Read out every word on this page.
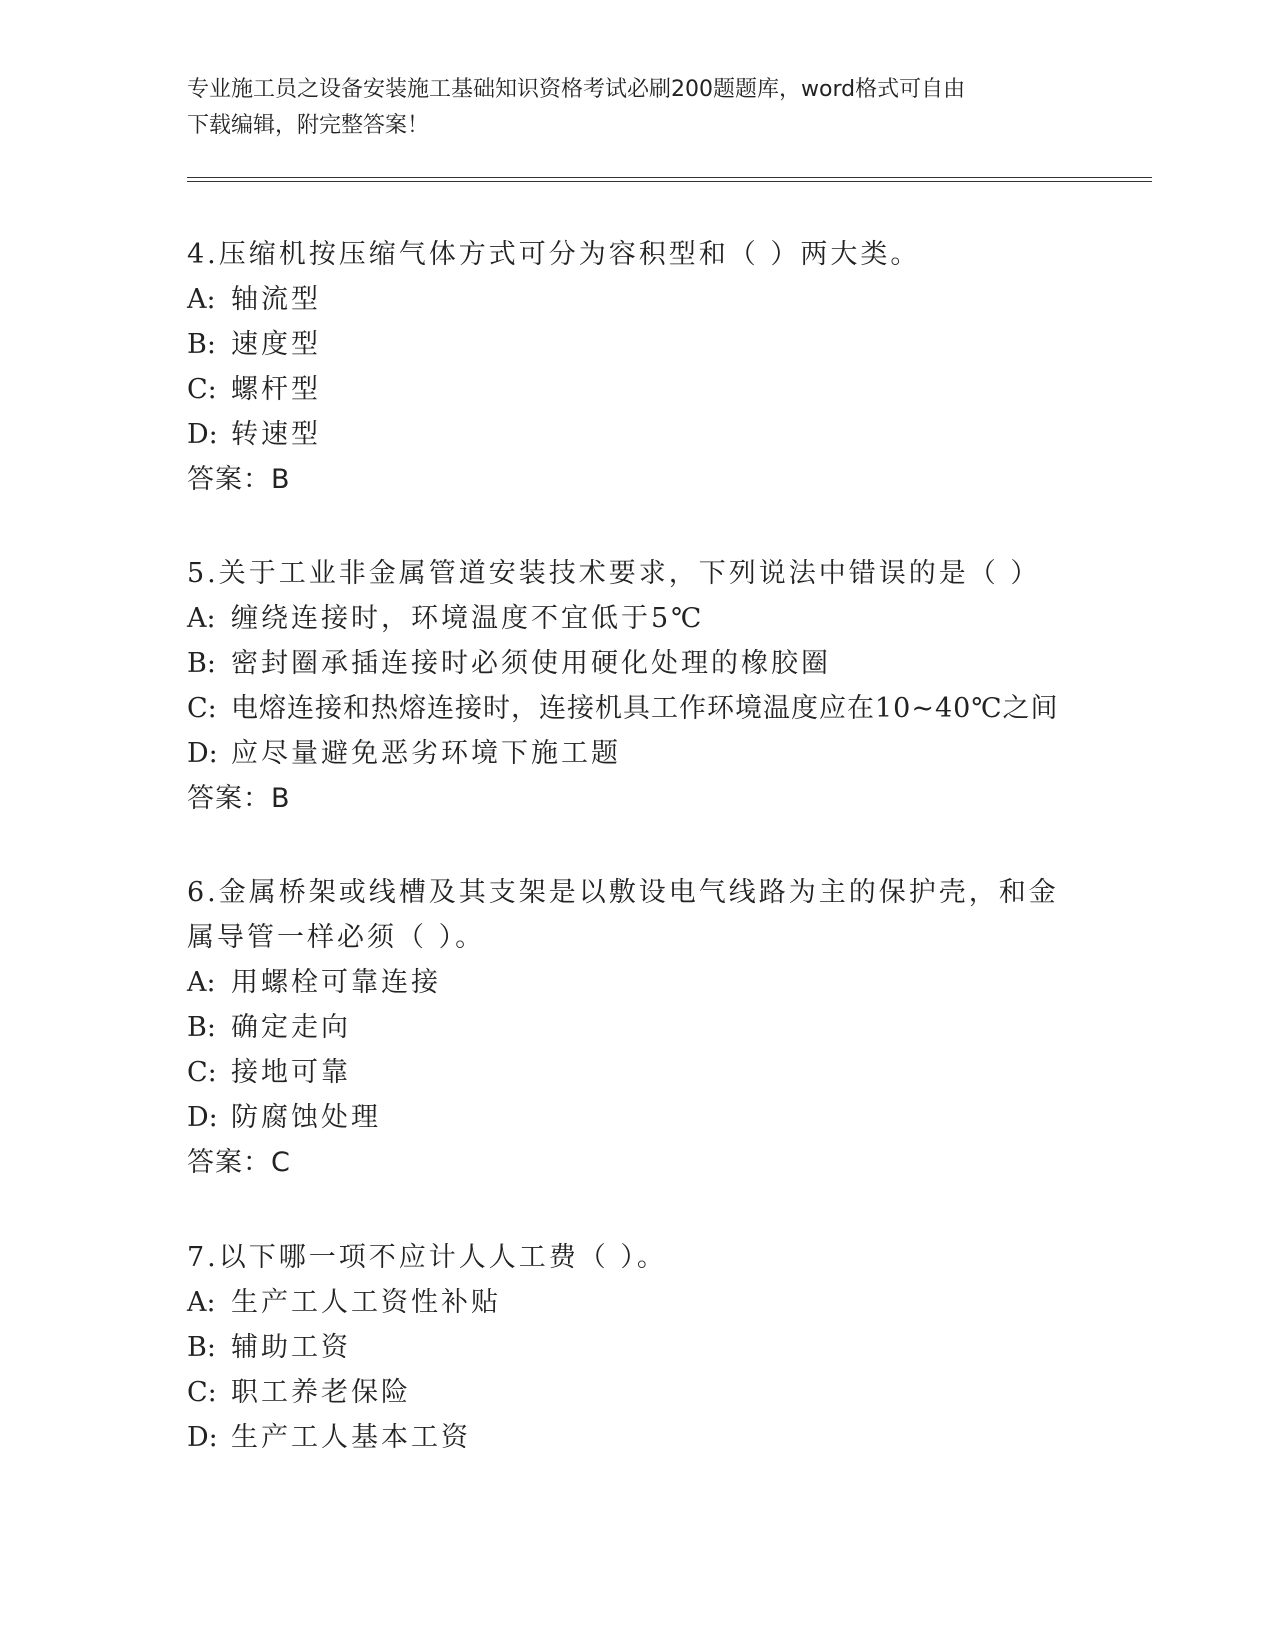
专业施工员之设备安装施工基础知识资格考试必刷200题题库，word格式可自由
下载编辑，附完整答案！
4.压缩机按压缩气体方式可分为容积型和（ ）两大类。
A: 轴流型
B: 速度型
C: 螺杆型
D: 转速型
答案：B
5.关于工业非金属管道安装技术要求，下列说法中错误的是（ ）
A: 缠绕连接时，环境温度不宜低于5℃
B: 密封圈承插连接时必须使用硬化处理的橡胶圈
C: 电熔连接和热熔连接时，连接机具工作环境温度应在10~40℃之间
D: 应尽量避免恶劣环境下施工题
答案：B
6.金属桥架或线槽及其支架是以敷设电气线路为主的保护壳，和金属导管一样必须（ ）。
A: 用螺栓可靠连接
B: 确定走向
C: 接地可靠
D: 防腐蚀处理
答案：C
7.以下哪一项不应计人人工费（ ）。
A: 生产工人工资性补贴
B: 辅助工资
C: 职工养老保险
D: 生产工人基本工资
